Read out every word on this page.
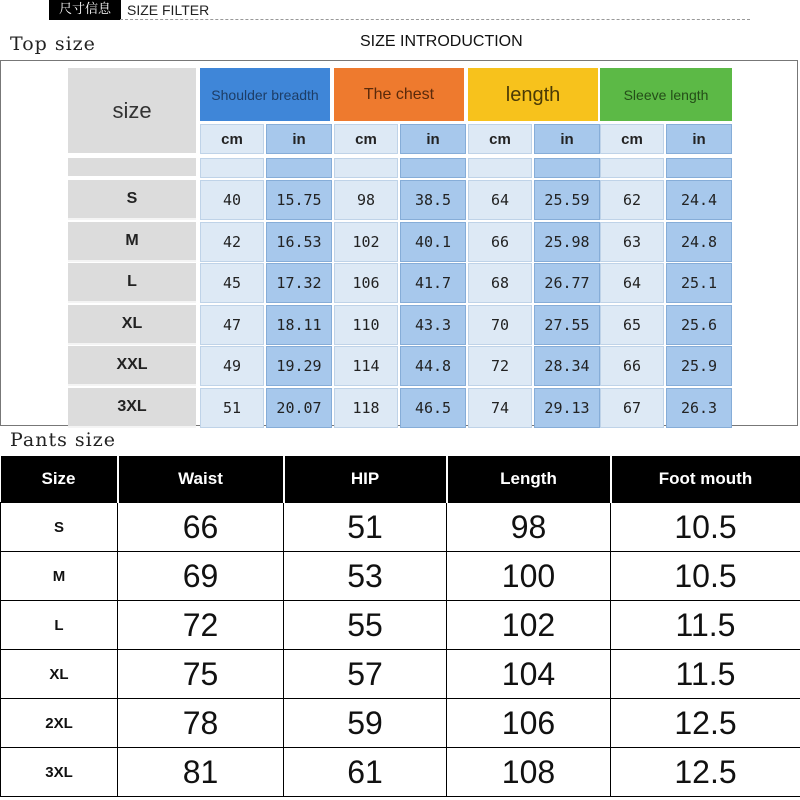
尺寸信息	SIZE FILTER
Top size	SIZE INTRODUCTION
size
Shoulder breadth	The chest	length	Sleeve length
cm	in	cm	in	cm	in	cm	in
S	40	15.75	98	38.5	64	25.59	62	24.4
M	42	16.53	102	40.1	66	25.98	63	24.8
L	45	17.32	106	41.7	68	26.77	64	25.1
XL	47	18.11	110	43.3	70	27.55	65	25.6
XXL	49	19.29	114	44.8	72	28.34	66	25.9
3XL	51	20.07	118	46.5	74	29.13	67	26.3
Pants size
Size	Waist	HIP	Length	Foot mouth
S	66	51	98	10.5
M	69	53	100	10.5
L	72	55	102	11.5
XL	75	57	104	11.5
2XL	78	59	106	12.5
3XL	81	61	108	12.5
